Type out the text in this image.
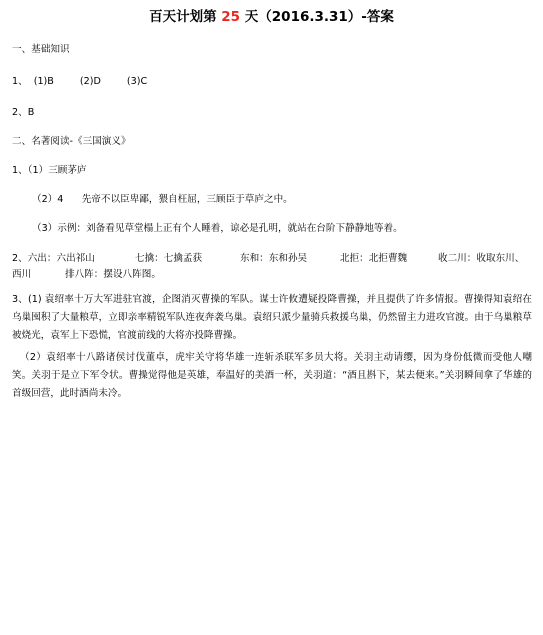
百天计划第 25 天（2016.3.31）-答案
一、基础知识
1、 (1)B	(2)D	(3)C
2、B
二、名著阅读-《三国演义》
1、（1）三顾茅庐
（2）4      先帝不以臣卑鄙，猥自枉屈，三顾臣于草庐之中。
（3）示例：刘备看见草堂榻上正有个人睡着，谅必是孔明，就站在台阶下静静地等着。
2、六出：六出祁山	七擒：七擒孟获	东和：东和孙吴	北拒：北拒曹魏	收二川：收取东川、
西川	排八阵：摆设八阵图。
3、(1) 袁绍率十万大军进驻官渡，企图消灭曹操的军队。谋士许攸遭疑投降曹操，并且提供了许多情报。曹操得知袁绍在乌巢囤积了大量粮草，立即亲率精锐军队连夜奔袭乌巢。袁绍只派少量骑兵救援乌巢，仍然留主力进攻官渡。由于乌巢粮草被烧光，袁军上下恐慌，官渡前线的大将亦投降曹操。
（2）袁绍率十八路诸侯讨伐董卓，虎牢关守将华雄一连斩杀联军多员大将。关羽主动请缨，因为身份低微而受他人嘲笑。关羽于是立下军令状。曹操觉得他是英雄，奉温好的美酒一杯，关羽道：“酒且斟下，某去便来。”关羽瞬间拿了华雄的首级回营，此时酒尚未冷。
